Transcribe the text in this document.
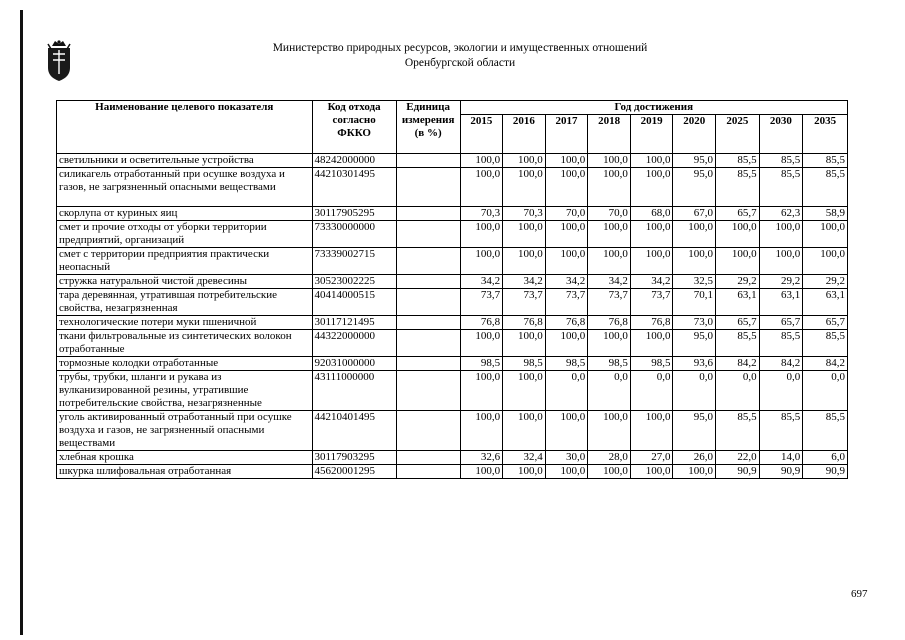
Министерство природных ресурсов, экологии и имущественных отношений
Оренбургской области
Наименование целевого показателя	Код отхода согласно ФККО	Единица измерения (в %)	Год достижения								
			2015	2016	2017	2018	2019	2020	2025	2030	2035
светильники и осветительные устройства	48242000000		100,0	100,0	100,0	100,0	100,0	95,0	85,5	85,5	85,5
силикагель отработанный при осушке воздуха и газов, не загрязненный опасными веществами	44210301495		100,0	100,0	100,0	100,0	100,0	95,0	85,5	85,5	85,5
скорлупа от куриных яиц	30117905295		70,3	70,3	70,0	70,0	68,0	67,0	65,7	62,3	58,9
смет и прочие отходы от уборки территории предприятий, организаций	73330000000		100,0	100,0	100,0	100,0	100,0	100,0	100,0	100,0	100,0
смет с территории предприятия практически неопасный	73339002715		100,0	100,0	100,0	100,0	100,0	100,0	100,0	100,0	100,0
стружка натуральной чистой древесины	30523002225		34,2	34,2	34,2	34,2	34,2	32,5	29,2	29,2	29,2
тара деревянная, утратившая потребительские свойства, незагрязненная	40414000515		73,7	73,7	73,7	73,7	73,7	70,1	63,1	63,1	63,1
технологические потери муки пшеничной	30117121495		76,8	76,8	76,8	76,8	76,8	73,0	65,7	65,7	65,7
ткани фильтровальные из синтетических волокон отработанные	44322000000		100,0	100,0	100,0	100,0	100,0	95,0	85,5	85,5	85,5
тормозные колодки отработанные	92031000000		98,5	98,5	98,5	98,5	98,5	93,6	84,2	84,2	84,2
трубы, трубки, шланги и рукава из вулканизированной резины, утратившие потребительские свойства, незагрязненные	43111000000		100,0	100,0	0,0	0,0	0,0	0,0	0,0	0,0	0,0
уголь активированный отработанный при осушке воздуха и газов, не загрязненный опасными веществами	44210401495		100,0	100,0	100,0	100,0	100,0	95,0	85,5	85,5	85,5
хлебная крошка	30117903295		32,6	32,4	30,0	28,0	27,0	26,0	22,0	14,0	6,0
шкурка шлифовальная отработанная	45620001295		100,0	100,0	100,0	100,0	100,0	100,0	90,9	90,9	90,9
697
